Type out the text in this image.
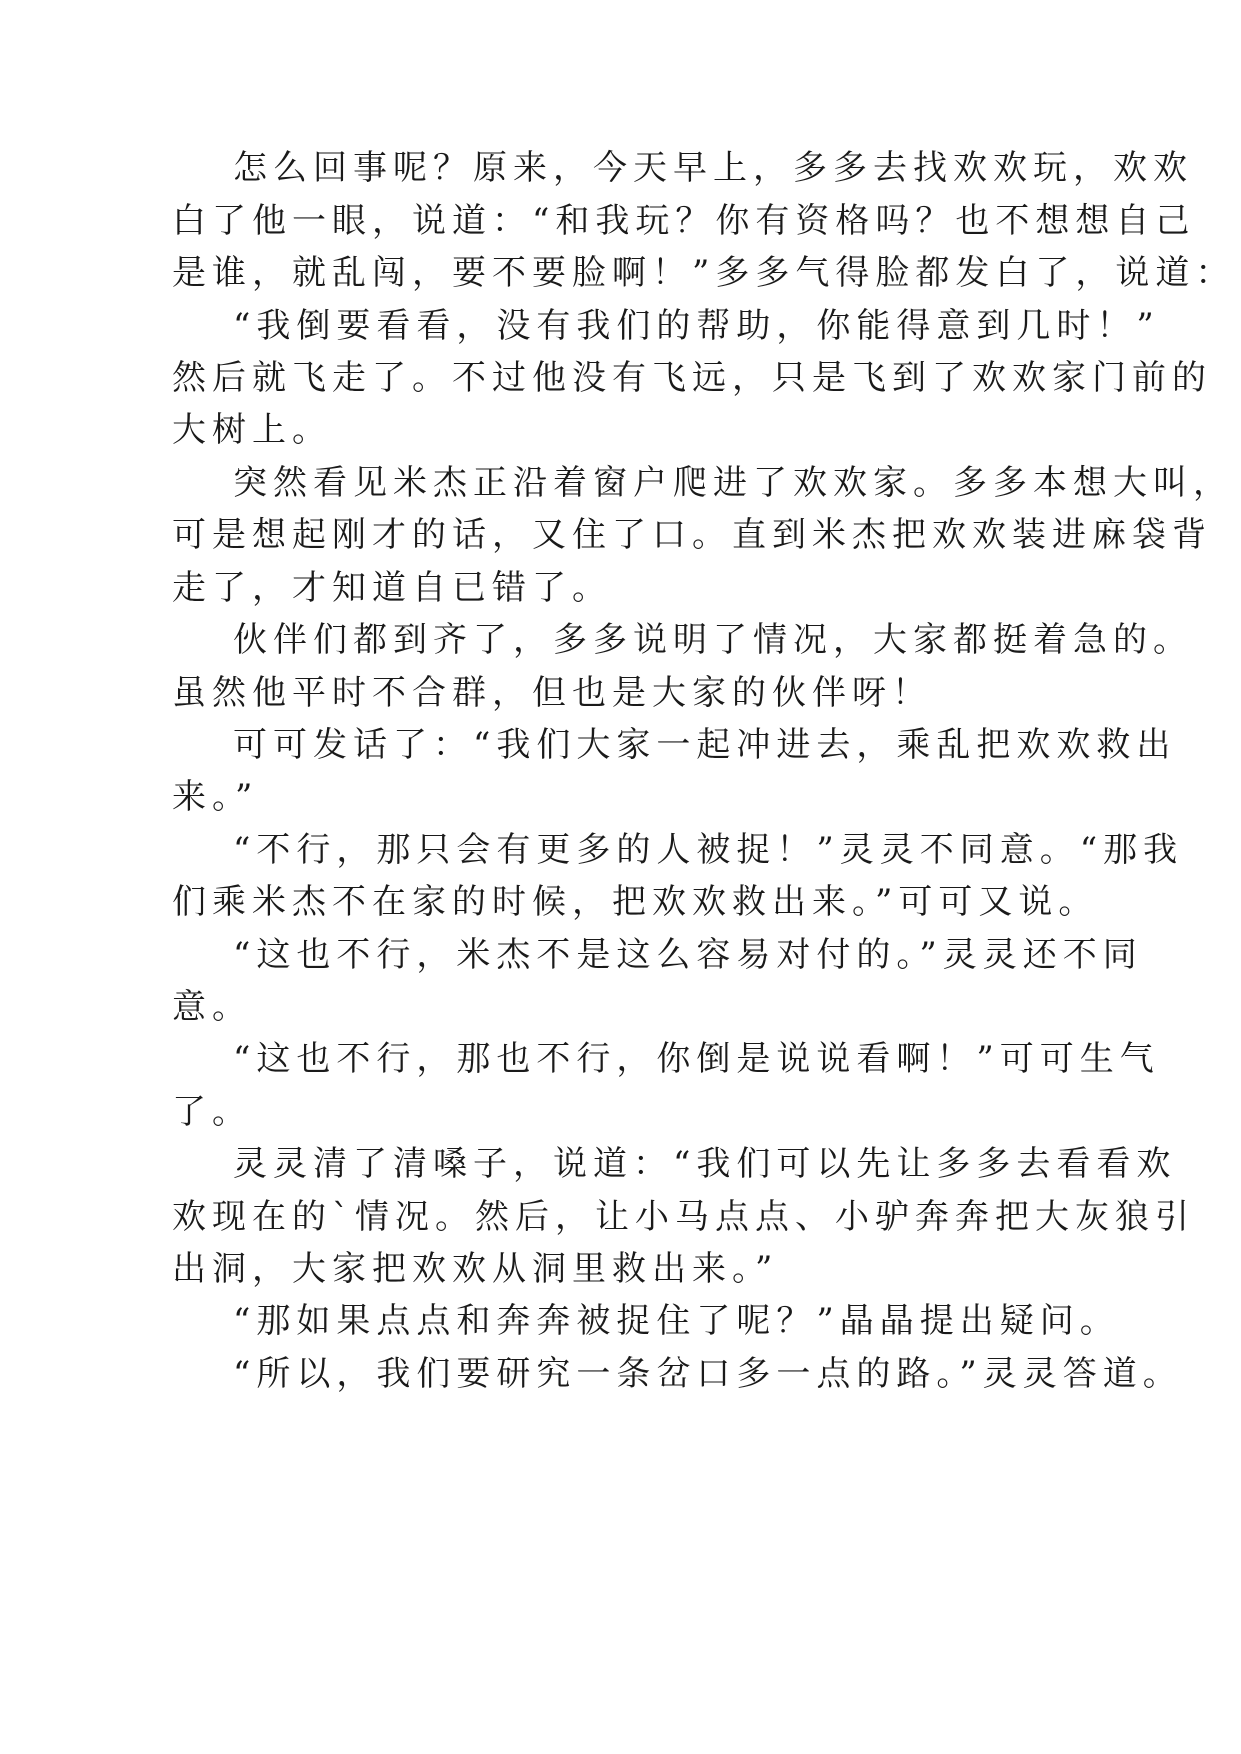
怎么回事呢？原来，今天早上，多多去找欢欢玩，欢欢
白了他一眼，说道：“和我玩？你有资格吗？也不想想自己
是谁，就乱闯，要不要脸啊！”多多气得脸都发白了，说道：
“我倒要看看，没有我们的帮助，你能得意到几时！”
然后就飞走了。不过他没有飞远，只是飞到了欢欢家门前的
大树上。
突然看见米杰正沿着窗户爬进了欢欢家。多多本想大叫，
可是想起刚才的话，又住了口。直到米杰把欢欢装进麻袋背
走了，才知道自已错了。
伙伴们都到齐了，多多说明了情况，大家都挺着急的。
虽然他平时不合群，但也是大家的伙伴呀！
可可发话了：“我们大家一起冲进去，乘乱把欢欢救出
来。”
“不行，那只会有更多的人被捉！”灵灵不同意。“那我
们乘米杰不在家的时候，把欢欢救出来。”可可又说。
“这也不行，米杰不是这么容易对付的。”灵灵还不同
意。
“这也不行，那也不行，你倒是说说看啊！”可可生气
了。
灵灵清了清嗓子，说道：“我们可以先让多多去看看欢
欢现在的`情况。然后，让小马点点、小驴奔奔把大灰狼引
出洞，大家把欢欢从洞里救出来。”
“那如果点点和奔奔被捉住了呢？”晶晶提出疑问。
“所以，我们要研究一条岔口多一点的路。”灵灵答道。
